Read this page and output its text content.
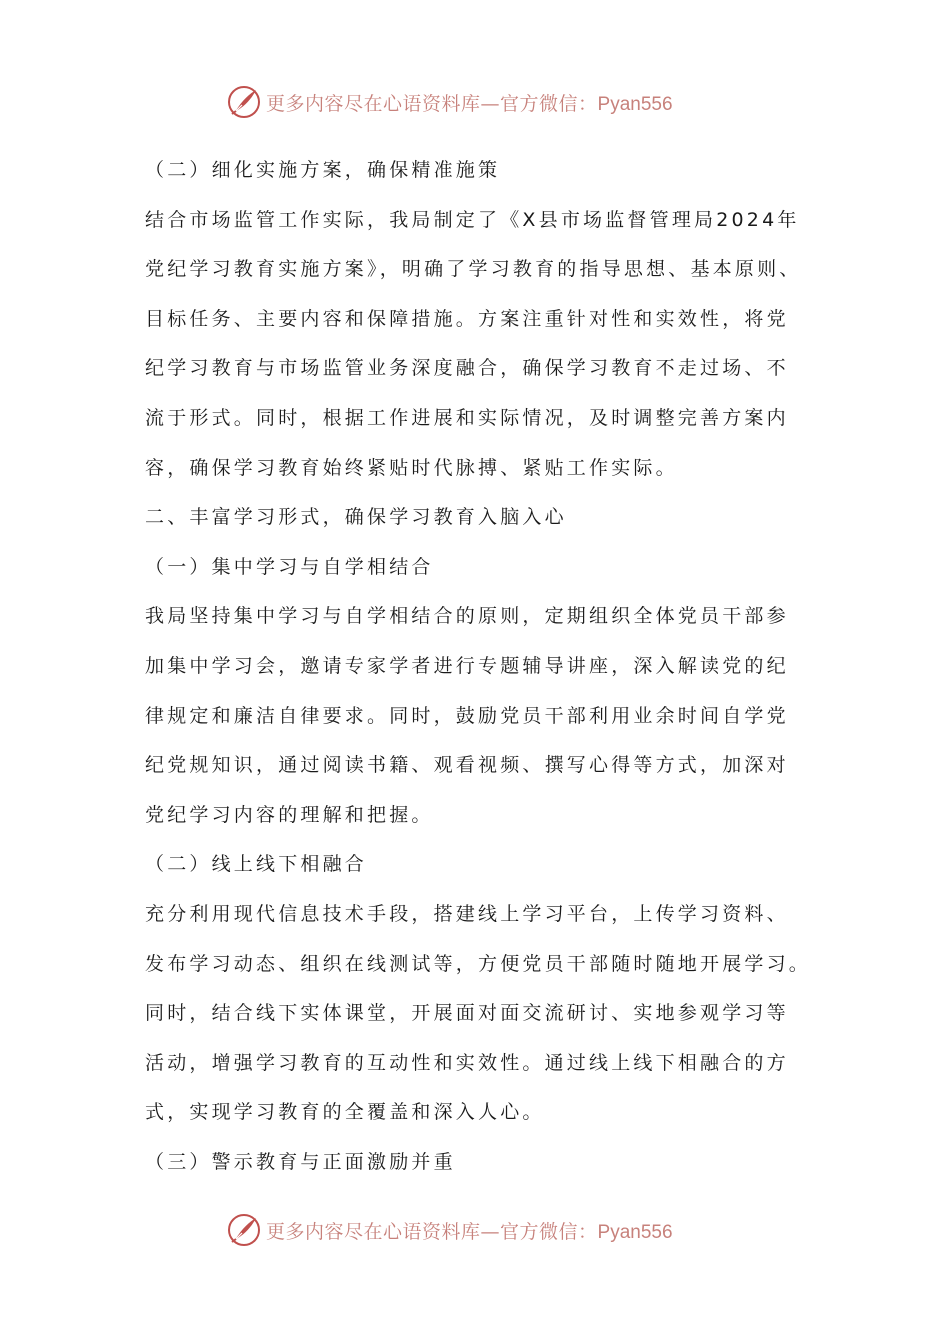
更多内容尽在心语资料库—官方微信：Pyan556
（二）细化实施方案，确保精准施策
结合市场监管工作实际，我局制定了《X县市场监督管理局2024年
党纪学习教育实施方案》，明确了学习教育的指导思想、基本原则、
目标任务、主要内容和保障措施。方案注重针对性和实效性，将党
纪学习教育与市场监管业务深度融合，确保学习教育不走过场、不
流于形式。同时，根据工作进展和实际情况，及时调整完善方案内
容，确保学习教育始终紧贴时代脉搏、紧贴工作实际。
二、丰富学习形式，确保学习教育入脑入心
（一）集中学习与自学相结合
我局坚持集中学习与自学相结合的原则，定期组织全体党员干部参
加集中学习会，邀请专家学者进行专题辅导讲座，深入解读党的纪
律规定和廉洁自律要求。同时，鼓励党员干部利用业余时间自学党
纪党规知识，通过阅读书籍、观看视频、撰写心得等方式，加深对
党纪学习内容的理解和把握。
（二）线上线下相融合
充分利用现代信息技术手段，搭建线上学习平台，上传学习资料、
发布学习动态、组织在线测试等，方便党员干部随时随地开展学习。
同时，结合线下实体课堂，开展面对面交流研讨、实地参观学习等
活动，增强学习教育的互动性和实效性。通过线上线下相融合的方
式，实现学习教育的全覆盖和深入人心。
（三）警示教育与正面激励并重
更多内容尽在心语资料库—官方微信：Pyan556
